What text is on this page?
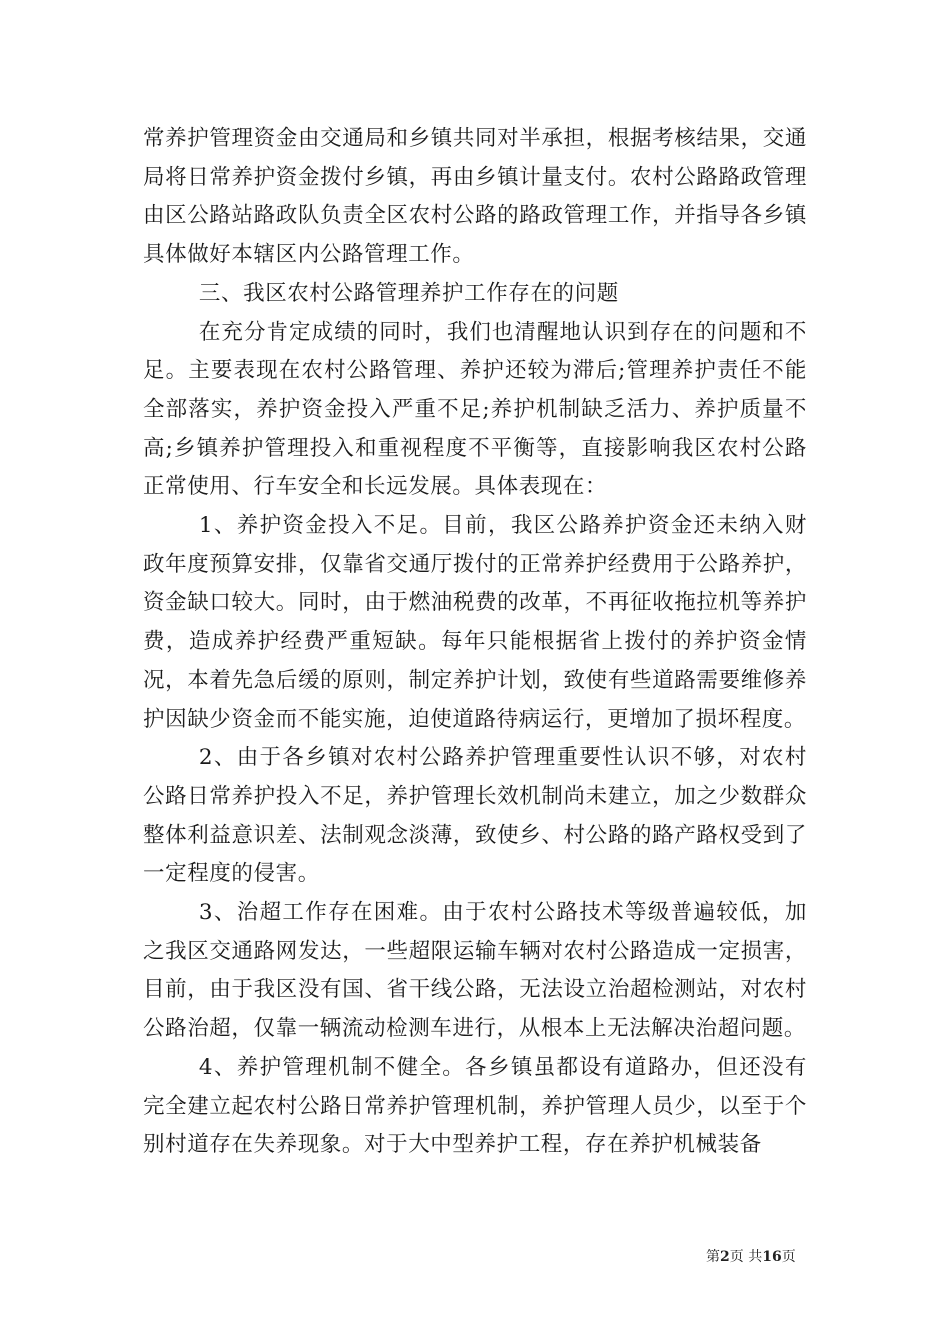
常养护管理资金由交通局和乡镇共同对半承担，根据考核结果，交通局将日常养护资金拨付乡镇，再由乡镇计量支付。农村公路路政管理由区公路站路政队负责全区农村公路的路政管理工作，并指导各乡镇具体做好本辖区内公路管理工作。

三、我区农村公路管理养护工作存在的问题

在充分肯定成绩的同时，我们也清醒地认识到存在的问题和不足。主要表现在农村公路管理、养护还较为滞后;管理养护责任不能全部落实，养护资金投入严重不足;养护机制缺乏活力、养护质量不高;乡镇养护管理投入和重视程度不平衡等，直接影响我区农村公路正常使用、行车安全和长远发展。具体表现在：

1、养护资金投入不足。目前，我区公路养护资金还未纳入财政年度预算安排，仅靠省交通厅拨付的正常养护经费用于公路养护，资金缺口较大。同时，由于燃油税费的改革，不再征收拖拉机等养护费，造成养护经费严重短缺。每年只能根据省上拨付的养护资金情况，本着先急后缓的原则，制定养护计划，致使有些道路需要维修养护因缺少资金而不能实施，迫使道路待病运行，更增加了损坏程度。

2、由于各乡镇对农村公路养护管理重要性认识不够，对农村公路日常养护投入不足，养护管理长效机制尚未建立，加之少数群众整体利益意识差、法制观念淡薄，致使乡、村公路的路产路权受到了一定程度的侵害。

3、治超工作存在困难。由于农村公路技术等级普遍较低，加之我区交通路网发达，一些超限运输车辆对农村公路造成一定损害，目前，由于我区没有国、省干线公路，无法设立治超检测站，对农村公路治超，仅靠一辆流动检测车进行，从根本上无法解决治超问题。

4、养护管理机制不健全。各乡镇虽都设有道路办，但还没有完全建立起农村公路日常养护管理机制，养护管理人员少，以至于个别村道存在失养现象。对于大中型养护工程，存在养护机械装备

第2页 共16页
